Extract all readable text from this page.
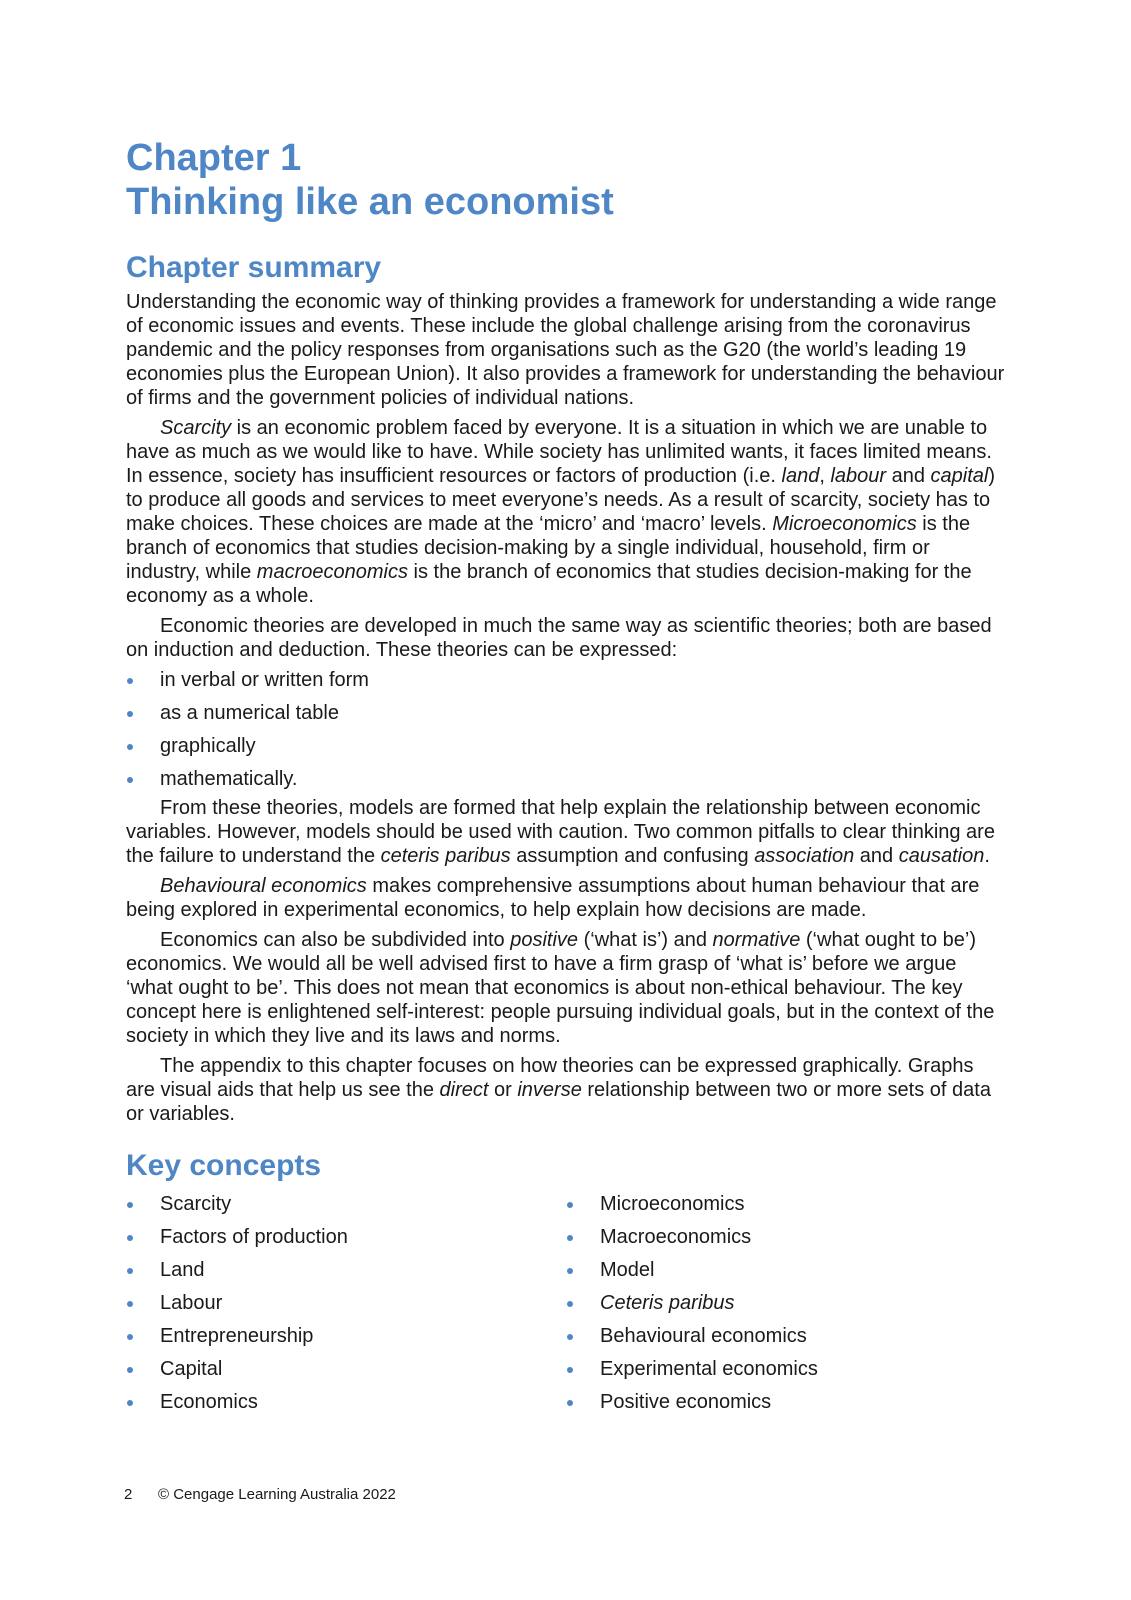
Chapter 1
Thinking like an economist
Chapter summary

Understanding the economic way of thinking provides a framework for understanding a wide range of economic issues and events. These include the global challenge arising from the coronavirus pandemic and the policy responses from organisations such as the G20 (the world’s leading 19 economies plus the European Union). It also provides a framework for understanding the behaviour of firms and the government policies of individual nations.

Scarcity is an economic problem faced by everyone. It is a situation in which we are unable to have as much as we would like to have. While society has unlimited wants, it faces limited means. In essence, society has insufficient resources or factors of production (i.e. land, labour and capital) to produce all goods and services to meet everyone’s needs. As a result of scarcity, society has to make choices. These choices are made at the ‘micro’ and ‘macro’ levels. Microeconomics is the branch of economics that studies decision-making by a single individual, household, firm or industry, while macroeconomics is the branch of economics that studies decision-making for the economy as a whole.

Economic theories are developed in much the same way as scientific theories; both are based on induction and deduction. These theories can be expressed:

in verbal or written form
as a numerical table
graphically
mathematically.

From these theories, models are formed that help explain the relationship between economic variables. However, models should be used with caution. Two common pitfalls to clear thinking are the failure to understand the ceteris paribus assumption and confusing association and causation.

Behavioural economics makes comprehensive assumptions about human behaviour that are being explored in experimental economics, to help explain how decisions are made.

Economics can also be subdivided into positive (‘what is’) and normative (‘what ought to be’) economics. We would all be well advised first to have a firm grasp of ‘what is’ before we argue ‘what ought to be’. This does not mean that economics is about non-ethical behaviour. The key concept here is enlightened self-interest: people pursuing individual goals, but in the context of the society in which they live and its laws and norms.

The appendix to this chapter focuses on how theories can be expressed graphically. Graphs are visual aids that help us see the direct or inverse relationship between two or more sets of data or variables.

Key concepts
Scarcity
Factors of production
Land
Labour
Entrepreneurship
Capital
Economics
Microeconomics
Macroeconomics
Model
Ceteris paribus
Behavioural economics
Experimental economics
Positive economics
2 © Cengage Learning Australia 2022
